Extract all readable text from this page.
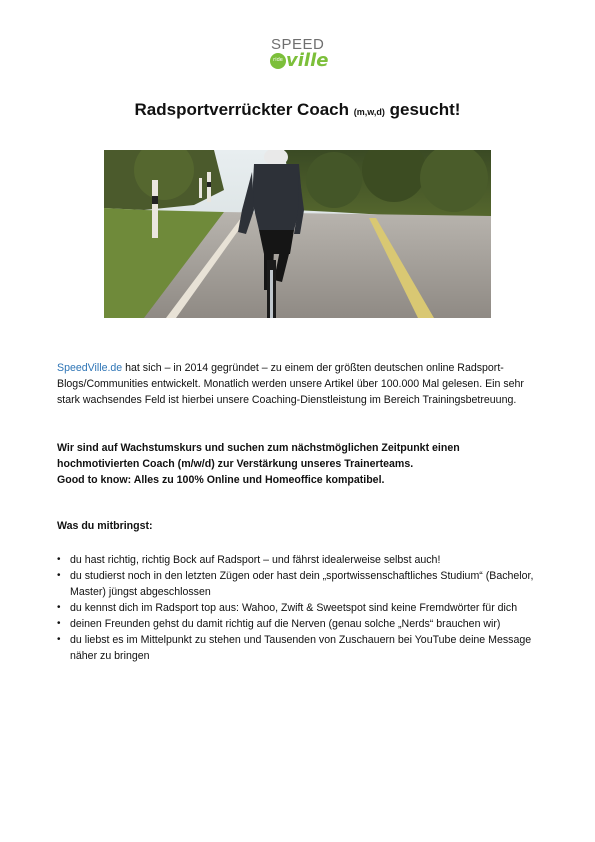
SPEED
ride ville
Radsportverrückter Coach (m,w,d) gesucht!

SpeedVille.de hat sich – in 2014 gegründet – zu einem der größten deutschen online Radsport-Blogs/Communities entwickelt. Monatlich werden unsere Artikel über 100.000 Mal gelesen. Ein sehr stark wachsendes Feld ist hierbei unsere Coaching-Dienstleistung im Bereich Trainingsbetreuung.

Wir sind auf Wachstumskurs und suchen zum nächstmöglichen Zeitpunkt einen
hochmotivierten Coach (m/w/d) zur Verstärkung unseres Trainerteams.
Good to know: Alles zu 100% Online und Homeoffice kompatibel.

Was du mitbringst:

• du hast richtig, richtig Bock auf Radsport – und fährst idealerweise selbst auch!
• du studierst noch in den letzten Zügen oder hast dein „sportwissenschaftliches Studium“ (Bachelor, Master) jüngst abgeschlossen
• du kennst dich im Radsport top aus: Wahoo, Zwift & Sweetspot sind keine Fremdwörter für dich
• deinen Freunden gehst du damit richtig auf die Nerven (genau solche „Nerds“ brauchen wir)
• du liebst es im Mittelpunkt zu stehen und Tausenden von Zuschauern bei YouTube deine Message näher zu bringen
